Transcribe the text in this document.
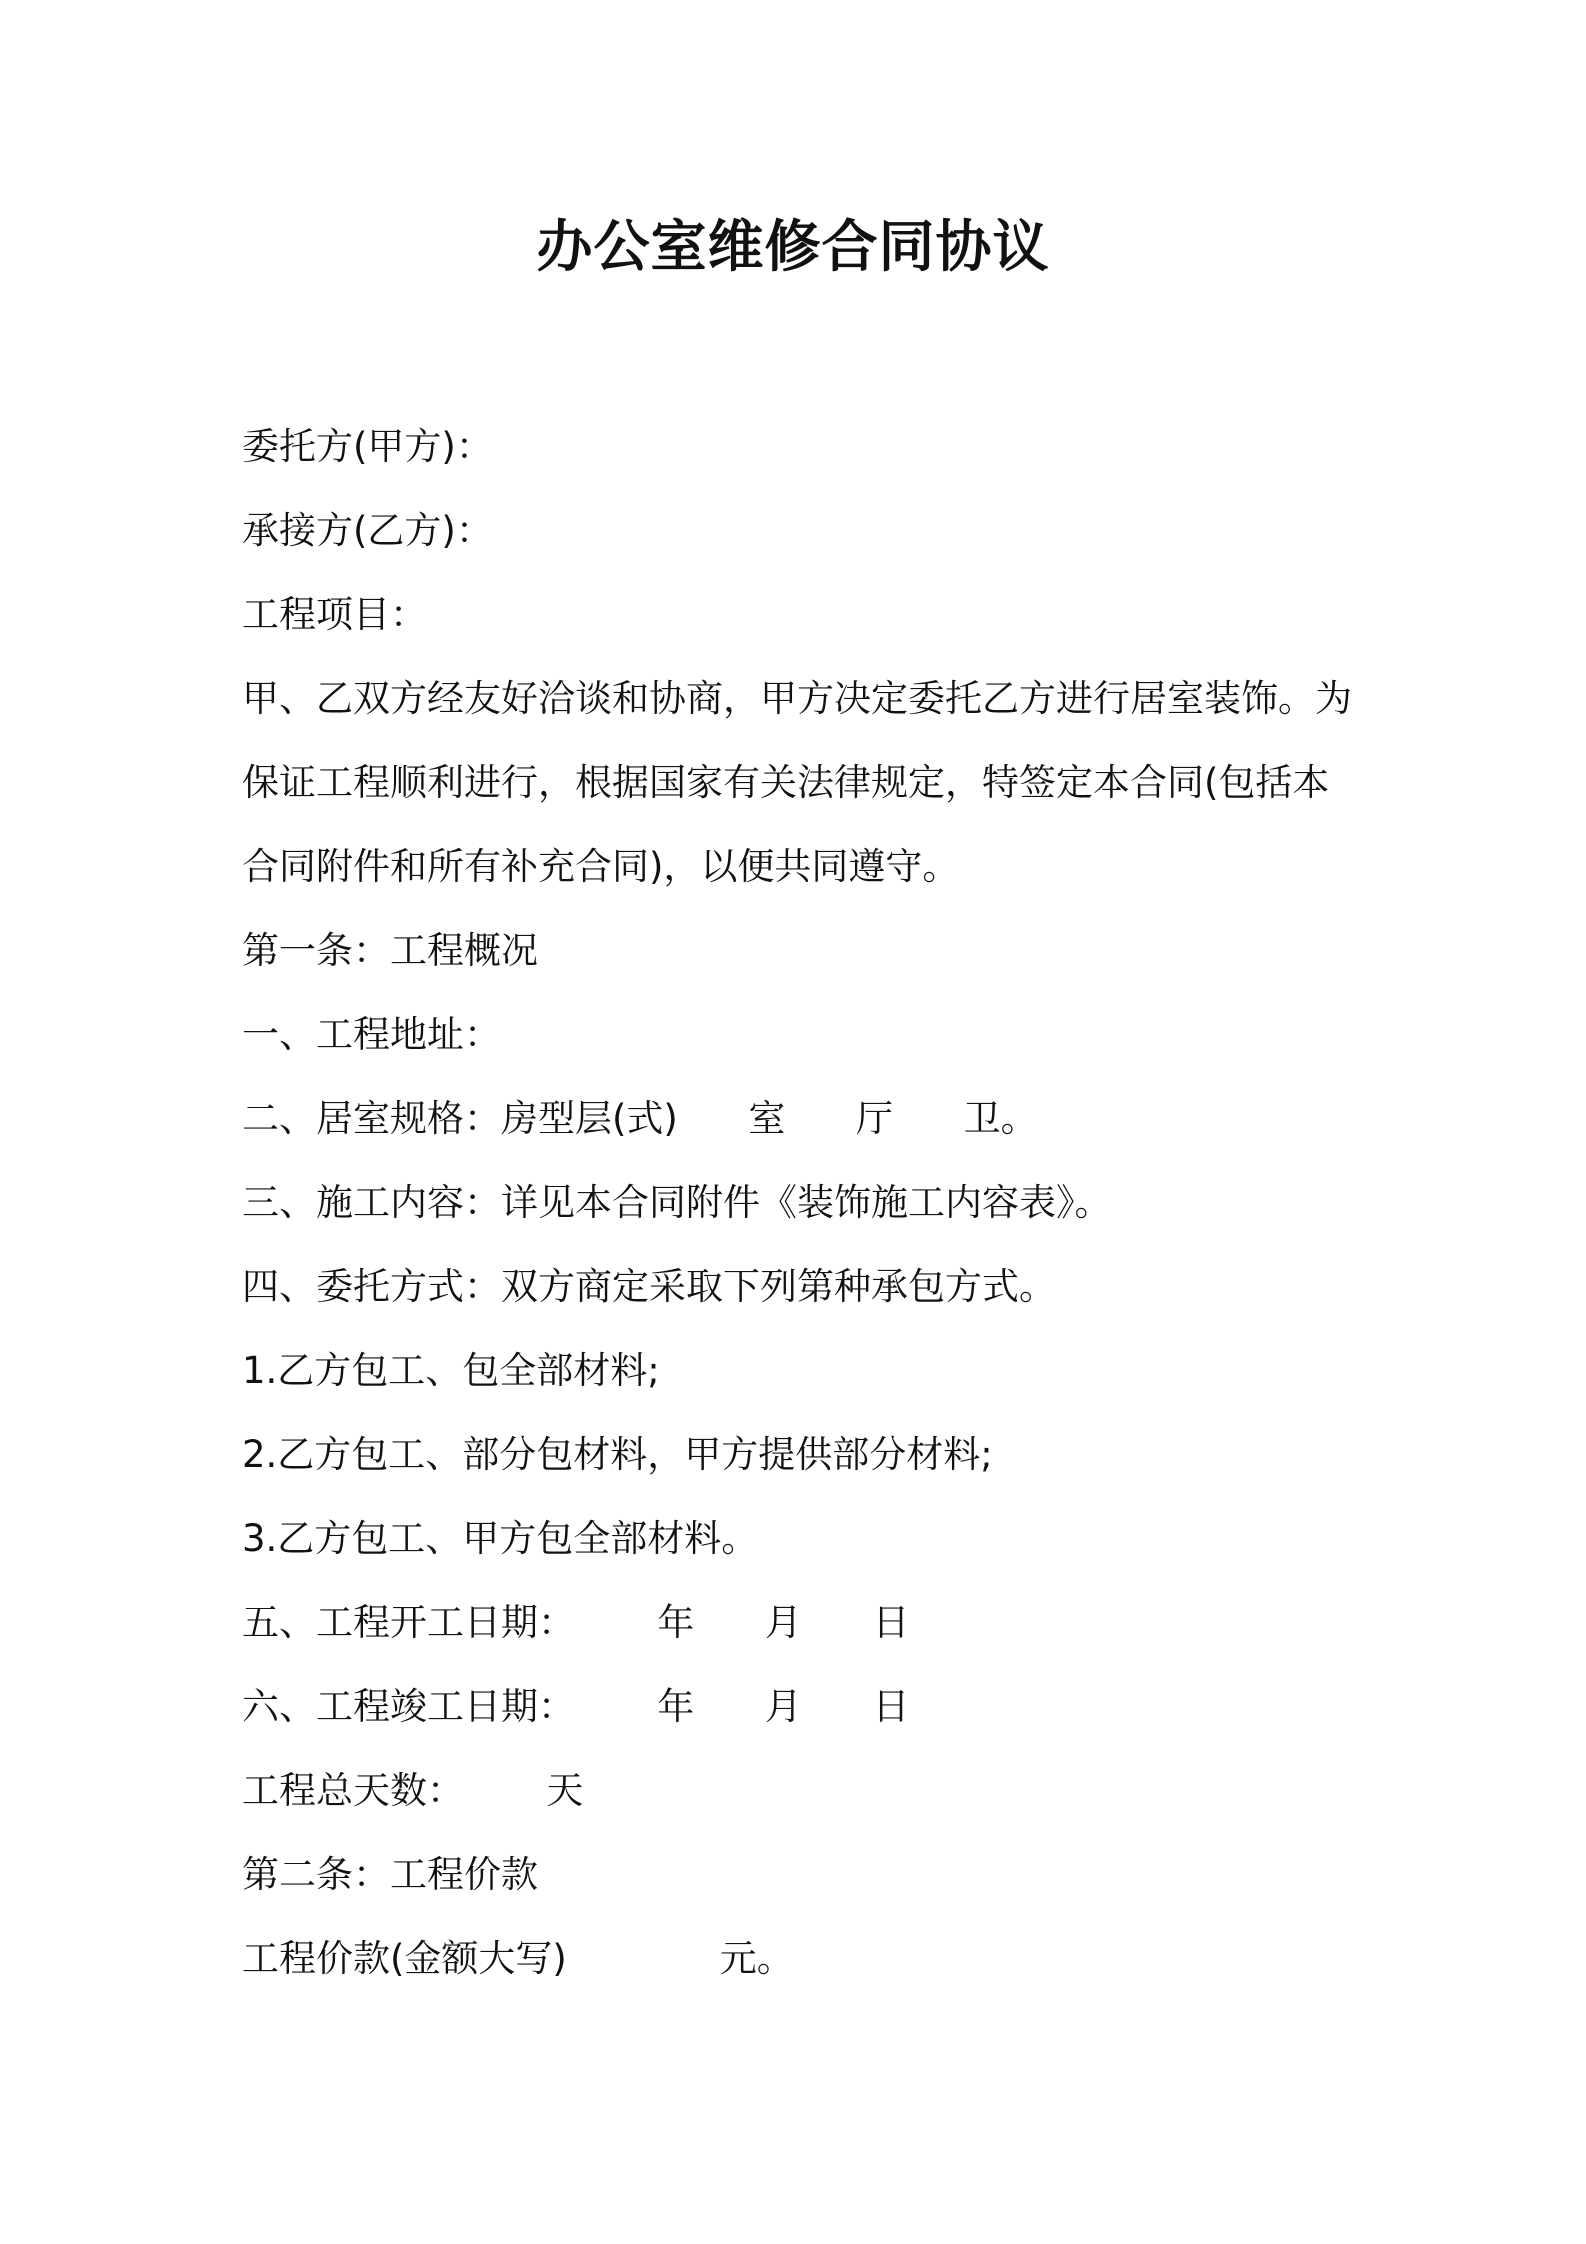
办公室维修合同协议

委托方(甲方)：

承接方(乙方)：

工程项目：

甲、乙双方经友好洽谈和协商，甲方决定委托乙方进行居室装饰。为

保证工程顺利进行，根据国家有关法律规定，特签定本合同(包括本

合同附件和所有补充合同)，以便共同遵守。

第一条：工程概况

一、工程地址：

二、居室规格：房型层(式)      室      厅      卫。

三、施工内容：详见本合同附件《装饰施工内容表》。

四、委托方式：双方商定采取下列第种承包方式。

1.乙方包工、包全部材料;

2.乙方包工、部分包材料，甲方提供部分材料;

3.乙方包工、甲方包全部材料。

五、工程开工日期：       年      月      日

六、工程竣工日期：       年      月      日

工程总天数：       天

第二条：工程价款

工程价款(金额大写)             元。
